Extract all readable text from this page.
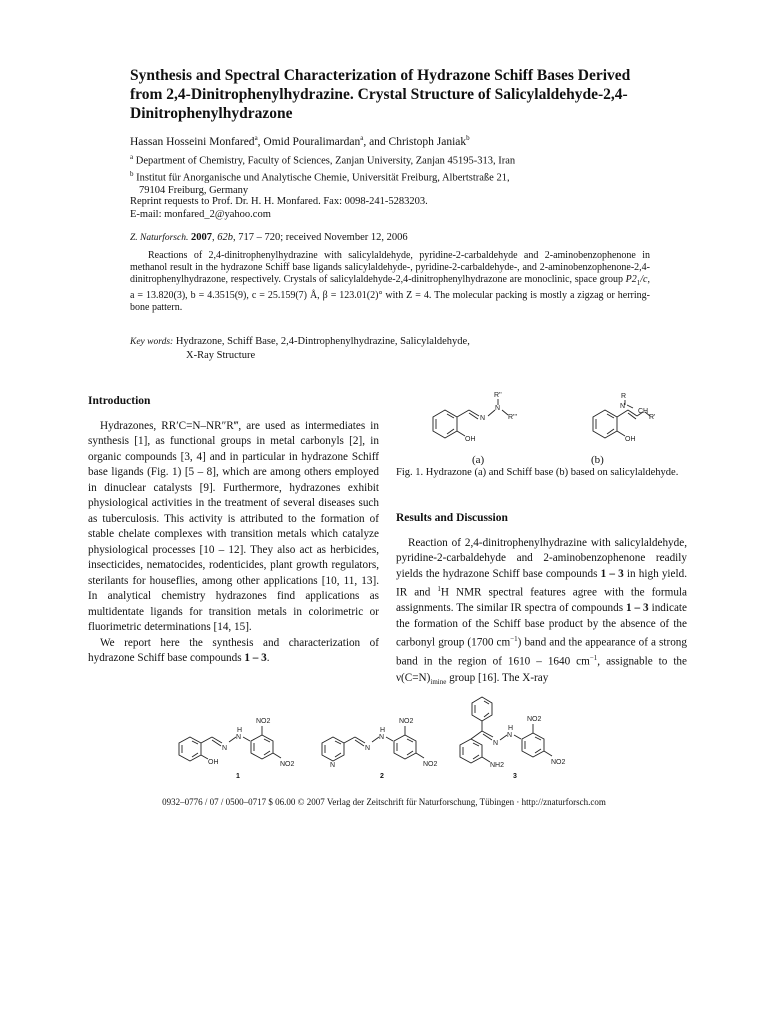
Synthesis and Spectral Characterization of Hydrazone Schiff Bases Derived from 2,4-Dinitrophenylhydrazine. Crystal Structure of Salicylaldehyde-2,4-Dinitrophenylhydrazone
Hassan Hosseini Monfared$^a$, Omid Pouralimardan$^a$, and Christoph Janiak$^b$
$^a$ Department of Chemistry, Faculty of Sciences, Zanjan University, Zanjan 45195-313, Iran
$^b$ Institut für Anorganische und Analytische Chemie, Universität Freiburg, Albertstraße 21,
79104 Freiburg, Germany
Reprint requests to Prof. Dr. H. H. Monfared. Fax: 0098-241-5283203.
E-mail: monfared_2@yahoo.com
Z. Naturforsch. 2007, 62b, 717 – 720; received November 12, 2006

Reactions of 2,4-dinitrophenylhydrazine with salicylaldehyde, pyridine-2-carbaldehyde and 2-aminobenzophenone in methanol result in the hydrazone Schiff base ligands salicylaldehyde-, pyridine-2-carbaldehyde-, and 2-aminobenzophenone-2,4-dinitrophenylhydrazone, respectively. Crystals of salicylaldehyde-2,4-dinitrophenylhydrazone are monoclinic, space group $P2_1/c$, a = 13.820(3), b = 4.3515(9), c = 25.159(7) Å, β = 123.01(2)° with Z = 4. The molecular packing is mostly a zigzag or herring-bone pattern.

Key words: Hydrazone, Schiff Base, 2,4-Dintrophenylhydrazine, Salicylaldehyde,
X-Ray Structure
Introduction

Hydrazones, RR′C=N–NR″R‴, are used as intermediates in synthesis [1], as functional groups in metal carbonyls [2], in organic compounds [3, 4] and in particular in hydrazone Schiff base ligands (Fig. 1) [5 – 8], which are among others employed in dinuclear catalysts [9]. Furthermore, hydrazones exhibit physiological activities in the treatment of several diseases such as tuberculosis. This activity is attributed to the formation of stable chelate complexes with transition metals which catalyze physiological processes [10 – 12]. They also act as herbicides, insecticides, nematocides, rodenticides, plant growth regulators, sterilants for houseflies, among other applications [10, 11, 13]. In analytical chemistry hydrazones find applications as multidentate ligands for transition metals in colorimetric or fluorimetric determinations [14, 15].

We report here the synthesis and characterization of hydrazone Schiff base compounds 1 – 3.

R''
N
N
R'''
OH
R
N
CH
R'
OH
(a)	(b)
Fig. 1. Hydrazone (a) and Schiff base (b) based on salicylaldehyde.
Results and Discussion

Reaction of 2,4-dinitrophenylhydrazine with salicylaldehyde, pyridine-2-carbaldehyde and 2-aminobenzophenone readily yields the hydrazone Schiff base compounds 1 – 3 in high yield. IR and $^1$H NMR spectral features agree with the formula assignments. The similar IR spectra of compounds 1 – 3 indicate the formation of the Schiff base product by the absence of the carbonyl group (1700 $cm^{-1}$) band and the appearance of a strong band in the region of 1610 – 1640 $cm^{-1}$, assignable to the $\nu(C=N)_{imine}$ group [16]. The X-ray

N
N
H
NO2
NO2
OH	N
N
N
H
NO2
NO2
N
N
H
NO2
NO2
NH2
1	2	3
0932–0776 / 07 / 0500–0717 $ 06.00 © 2007 Verlag der Zeitschrift für Naturforschung, Tübingen · http://znaturforsch.com
